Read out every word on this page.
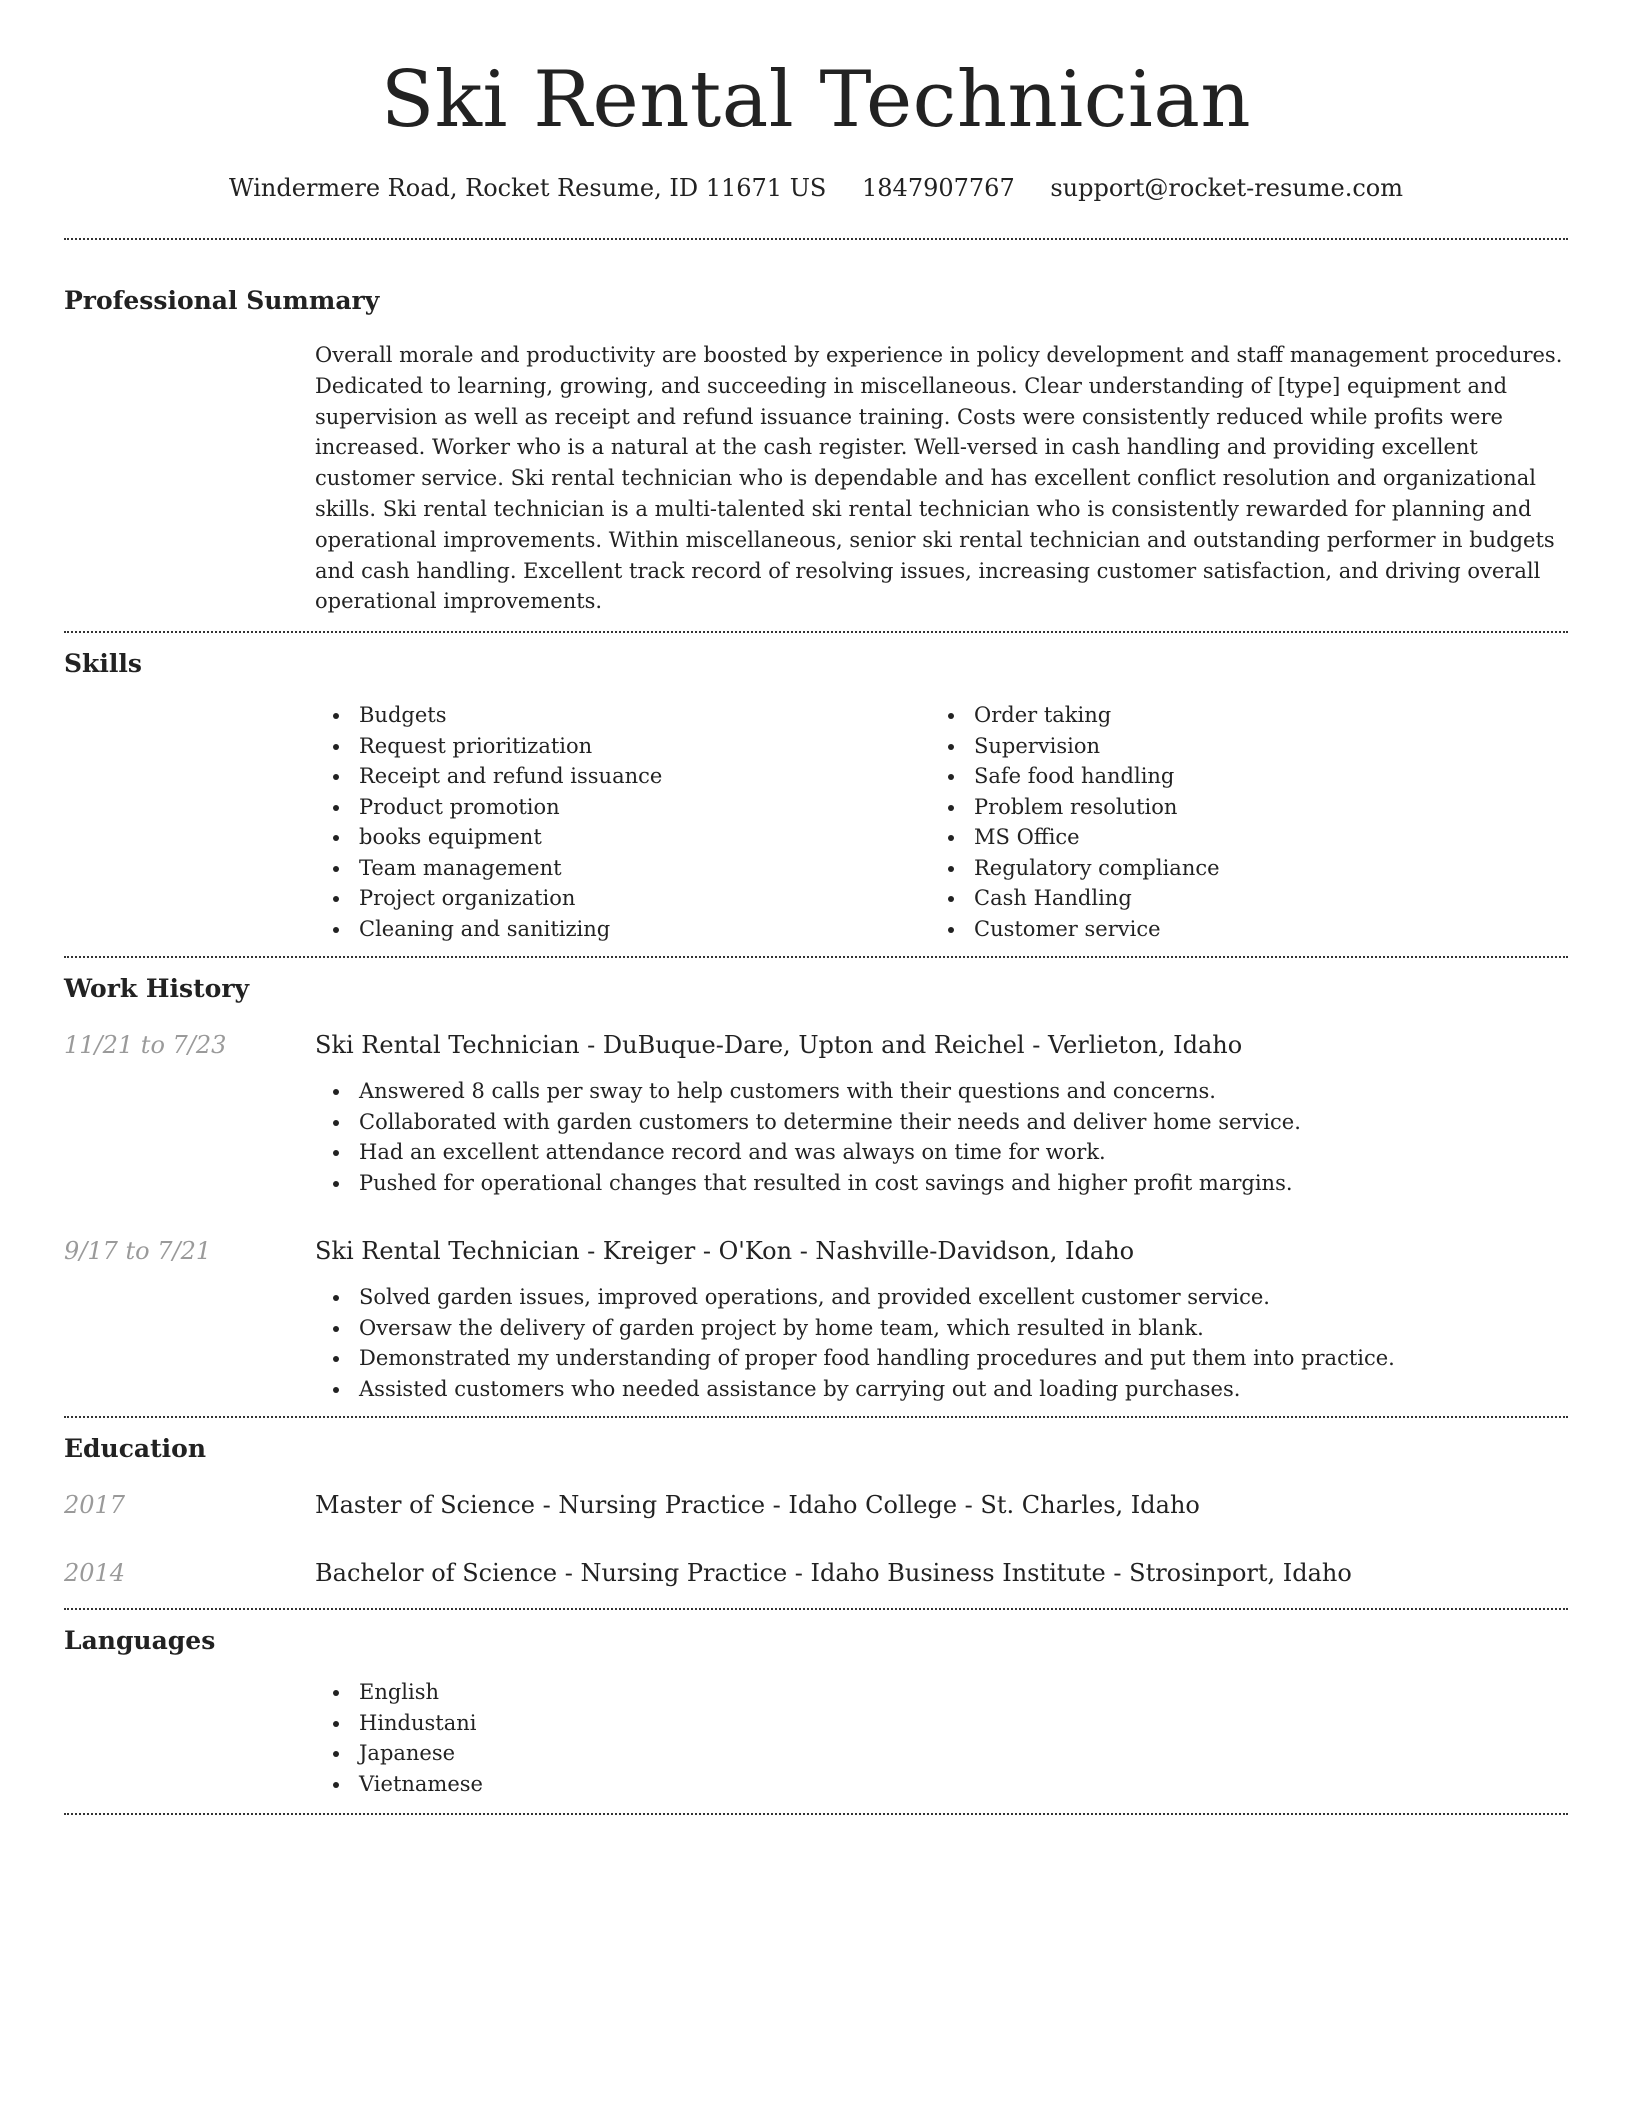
Ski Rental Technician
Windermere Road, Rocket Resume, ID 11671 US 1847907767 support@rocket-resume.com
Professional Summary
Overall morale and productivity are boosted by experience in policy development and staff management procedures. Dedicated to learning, growing, and succeeding in miscellaneous. Clear understanding of [type] equipment and supervision as well as receipt and refund issuance training. Costs were consistently reduced while profits were increased. Worker who is a natural at the cash register. Well-versed in cash handling and providing excellent customer service. Ski rental technician who is dependable and has excellent conflict resolution and organizational skills. Ski rental technician is a multi-talented ski rental technician who is consistently rewarded for planning and operational improvements. Within miscellaneous, senior ski rental technician and outstanding performer in budgets and cash handling. Excellent track record of resolving issues, increasing customer satisfaction, and driving overall operational improvements.
Skills
Budgets
Request prioritization
Receipt and refund issuance
Product promotion
books equipment
Team management
Project organization
Cleaning and sanitizing
Order taking
Supervision
Safe food handling
Problem resolution
MS Office
Regulatory compliance
Cash Handling
Customer service
Work History
11/21 to 7/23	Ski Rental Technician - DuBuque-Dare, Upton and Reichel - Verlieton, Idaho
Answered 8 calls per sway to help customers with their questions and concerns.
Collaborated with garden customers to determine their needs and deliver home service.
Had an excellent attendance record and was always on time for work.
Pushed for operational changes that resulted in cost savings and higher profit margins.
9/17 to 7/21	Ski Rental Technician - Kreiger - O'Kon - Nashville-Davidson, Idaho
Solved garden issues, improved operations, and provided excellent customer service.
Oversaw the delivery of garden project by home team, which resulted in blank.
Demonstrated my understanding of proper food handling procedures and put them into practice.
Assisted customers who needed assistance by carrying out and loading purchases.
Education
2017	Master of Science - Nursing Practice - Idaho College - St. Charles, Idaho
2014	Bachelor of Science - Nursing Practice - Idaho Business Institute - Strosinport, Idaho
Languages
English
Hindustani
Japanese
Vietnamese
